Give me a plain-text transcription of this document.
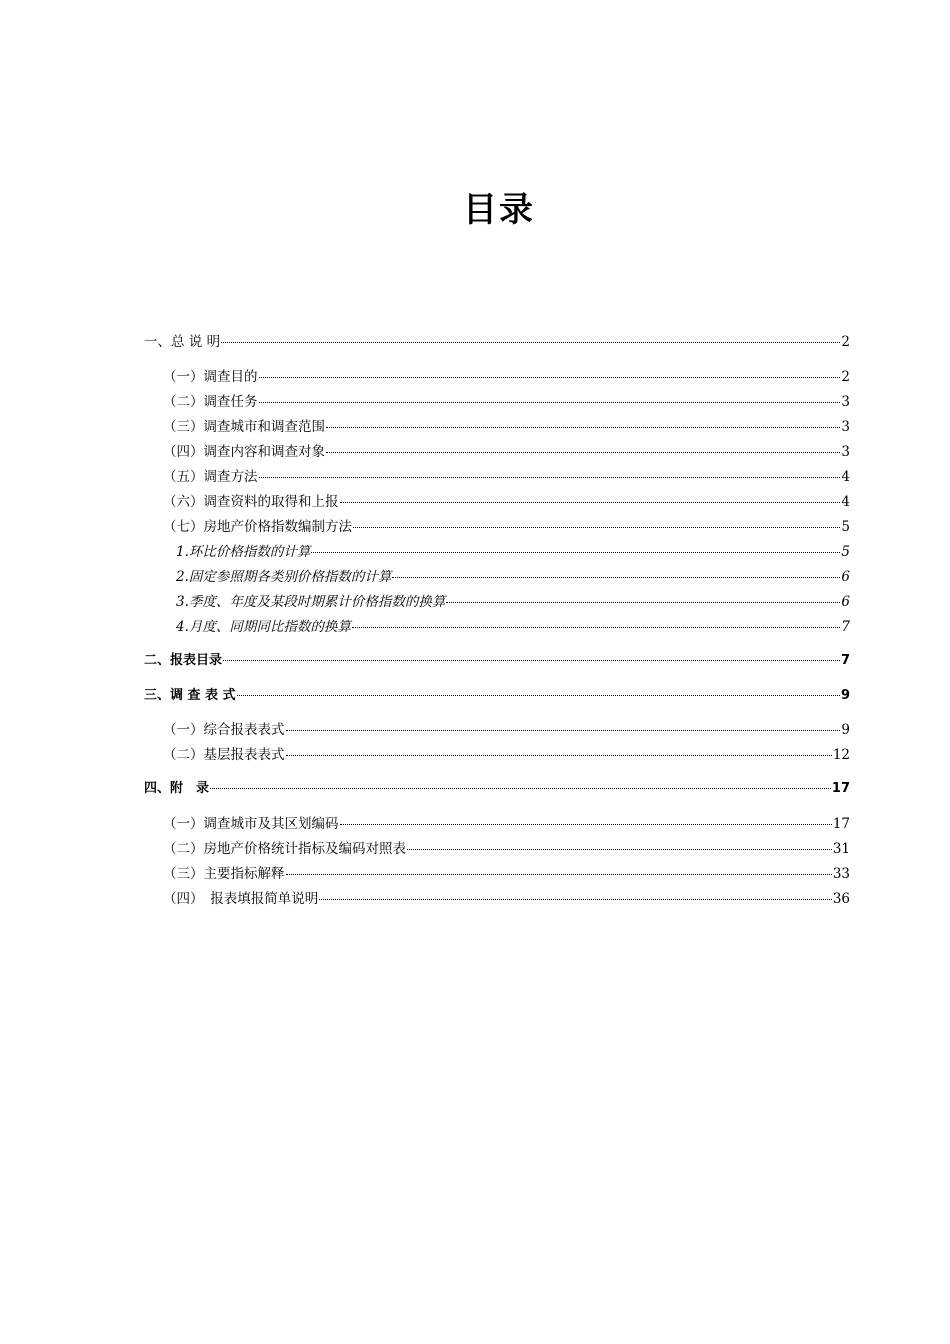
目录
一、总 说 明	2
（一）调查目的	2
（二）调查任务	3
（三）调查城市和调查范围	3
（四）调查内容和调查对象	3
（五）调查方法	4
（六）调查资料的取得和上报	4
（七）房地产价格指数编制方法	5
1.环比价格指数的计算	5
2.固定参照期各类别价格指数的计算	6
3.季度、年度及某段时期累计价格指数的换算	6
4.月度、同期同比指数的换算	7
二、报表目录	7
三、调 查 表 式	9
（一）综合报表表式	9
（二）基层报表表式	12
四、附　录	17
（一）调查城市及其区划编码	17
（二）房地产价格统计指标及编码对照表	31
（三）主要指标解释	33
（四）　报表填报简单说明	36
